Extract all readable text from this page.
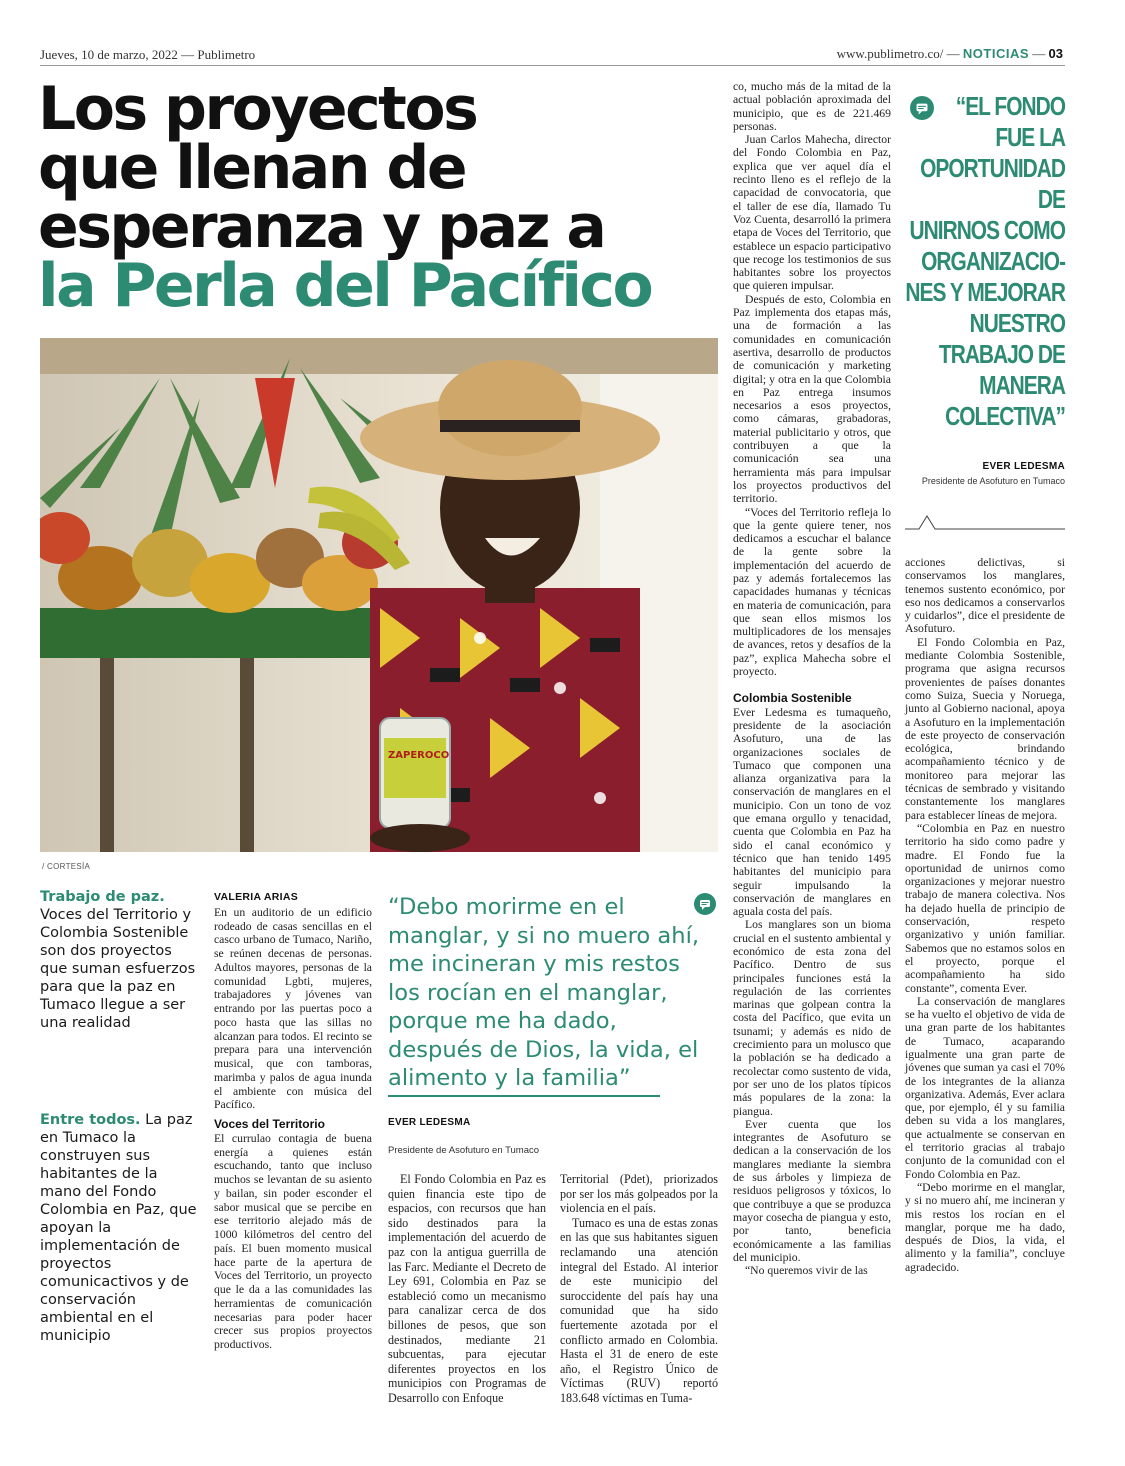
Jueves, 10 de marzo, 2022 — Publimetro	www.publimetro.co/ — NOTICIAS — 03
Los proyectos
que llenan de
esperanza y paz a
la Perla del Pacífico
ZAPEROCO
/ CORTESÍA
Trabajo de paz. Voces del Territorio y Colombia Sostenible son dos proyectos que suman esfuerzos para que la paz en Tumaco llegue a ser una realidad
Entre todos. La paz en Tumaco la construyen sus habitantes de la mano del Fondo Colombia en Paz, que apoyan la implementación de proyectos comunicactivos y de conservación ambiental en el municipio
VALERIA ARIAS

En un auditorio de un edificio rodeado de casas sencillas en el casco urbano de Tumaco, Nariño, se reúnen decenas de personas. Adultos mayores, personas de la comunidad Lgbti, mujeres, trabajadores y jóvenes van entrando por las puertas poco a poco hasta que las sillas no alcanzan para todos. El recinto se prepara para una intervención musical, que con tamboras, marimba y palos de agua inunda el ambiente con música del Pacífico.

Voces del Territorio

El currulao contagia de buena energía a quienes están escuchando, tanto que incluso muchos se levantan de su asiento y bailan, sin poder esconder el sabor musical que se percibe en ese territorio alejado más de 1000 kilómetros del centro del país. El buen momento musical hace parte de la apertura de Voces del Territorio, un proyecto que le da a las comunidades las herramientas de comunicación necesarias para poder hacer crecer sus propios proyectos productivos.

“Debo morirme en el manglar, y si no muero ahí, me incineran y mis restos los rocían en el manglar, porque me ha dado, después de Dios, la vida, el alimento y la familia”
EVER LEDESMA
Presidente de Asofuturo en Tumaco

El Fondo Colombia en Paz es quien financia este tipo de espacios, con recursos que han sido destinados para la implementación del acuerdo de paz con la antigua guerrilla de las Farc. Mediante el Decreto de Ley 691, Colombia en Paz se estableció como un mecanismo para canalizar cerca de dos billones de pesos, que son destinados, mediante 21 subcuentas, para ejecutar diferentes proyectos en los municipios con Programas de Desarrollo con Enfoque

Territorial (Pdet), priorizados por ser los más golpeados por la violencia en el país.

Tumaco es una de estas zonas en las que sus habitantes siguen reclamando una atención integral del Estado. Al interior de este municipio del suroccidente del país hay una comunidad que ha sido fuertemente azotada por el conflicto armado en Colombia. Hasta el 31 de enero de este año, el Registro Único de Víctimas (RUV) reportó 183.648 víctimas en Tuma-

co, mucho más de la mitad de la actual población aproximada del municipio, que es de 221.469 personas.

Juan Carlos Mahecha, director del Fondo Colombia en Paz, explica que ver aquel día el recinto lleno es el reflejo de la capacidad de convocatoria, que el taller de ese día, llamado Tu Voz Cuenta, desarrolló la primera etapa de Voces del Territorio, que establece un espacio participativo que recoge los testimonios de sus habitantes sobre los proyectos que quieren impulsar.

Después de esto, Colombia en Paz implementa dos etapas más, una de formación a las comunidades en comunicación asertiva, desarrollo de productos de comunicación y marketing digital; y otra en la que Colombia en Paz entrega insumos necesarios a esos proyectos, como cámaras, grabadoras, material publicitario y otros, que contribuyen a que la comunicación sea una herramienta más para impulsar los proyectos productivos del territorio.

“Voces del Territorio refleja lo que la gente quiere tener, nos dedicamos a escuchar el balance de la gente sobre la implementación del acuerdo de paz y además fortalecemos las capacidades humanas y técnicas en materia de comunicación, para que sean ellos mismos los multiplicadores de los mensajes de avances, retos y desafíos de la paz”, explica Mahecha sobre el proyecto.

Colombia Sostenible

Ever Ledesma es tumaqueño, presidente de la asociación Asofuturo, una de las organizaciones sociales de Tumaco que componen una alianza organizativa para la conservación de manglares en el municipio. Con un tono de voz que emana orgullo y tenacidad, cuenta que Colombia en Paz ha sido el canal económico y técnico que han tenido 1495 habitantes del municipio para seguir impulsando la conservación de manglares en aguala costa del país.

Los manglares son un bioma crucial en el sustento ambiental y económico de esta zona del Pacífico. Dentro de sus principales funciones está la regulación de las corrientes marinas que golpean contra la costa del Pacífico, que evita un tsunami; y además es nido de crecimiento para un molusco que la población se ha dedicado a recolectar como sustento de vida, por ser uno de los platos típicos más populares de la zona: la piangua.

Ever cuenta que los integrantes de Asofuturo se dedican a la conservación de los manglares mediante la siembra de sus árboles y limpieza de residuos peligrosos y tóxicos, lo que contribuye a que se produzca mayor cosecha de piangua y esto, por tanto, beneficia económicamente a las familias del municipio.

“No queremos vivir de las

“EL FONDO
FUE LA
OPORTUNIDAD
DE
UNIRNOS COMO
ORGANIZACIO-
NES Y MEJORAR
NUESTRO
TRABAJO DE
MANERA
COLECTIVA”
EVER LEDESMA
Presidente de Asofuturo en Tumaco

acciones delictivas, si conservamos los manglares, tenemos sustento económico, por eso nos dedicamos a conservarlos y cuidarlos”, dice el presidente de Asofuturo.

El Fondo Colombia en Paz, mediante Colombia Sostenible, programa que asigna recursos provenientes de países donantes como Suiza, Suecia y Noruega, junto al Gobierno nacional, apoya a Asofuturo en la implementación de este proyecto de conservación ecológica, brindando acompañamiento técnico y de monitoreo para mejorar las técnicas de sembrado y visitando constantemente los manglares para establecer líneas de mejora.

“Colombia en Paz en nuestro territorio ha sido como padre y madre. El Fondo fue la oportunidad de unirnos como organizaciones y mejorar nuestro trabajo de manera colectiva. Nos ha dejado huella de principio de conservación, respeto organizativo y unión familiar. Sabemos que no estamos solos en el proyecto, porque el acompañamiento ha sido constante”, comenta Ever.

La conservación de manglares se ha vuelto el objetivo de vida de una gran parte de los habitantes de Tumaco, acaparando igualmente una gran parte de jóvenes que suman ya casi el 70% de los integrantes de la alianza organizativa. Además, Ever aclara que, por ejemplo, él y su familia deben su vida a los manglares, que actualmente se conservan en el territorio gracias al trabajo conjunto de la comunidad con el Fondo Colombia en Paz.

“Debo morirme en el manglar, y si no muero ahí, me incineran y mis restos los rocían en el manglar, porque me ha dado, después de Dios, la vida, el alimento y la familia”, concluye agradecido.
